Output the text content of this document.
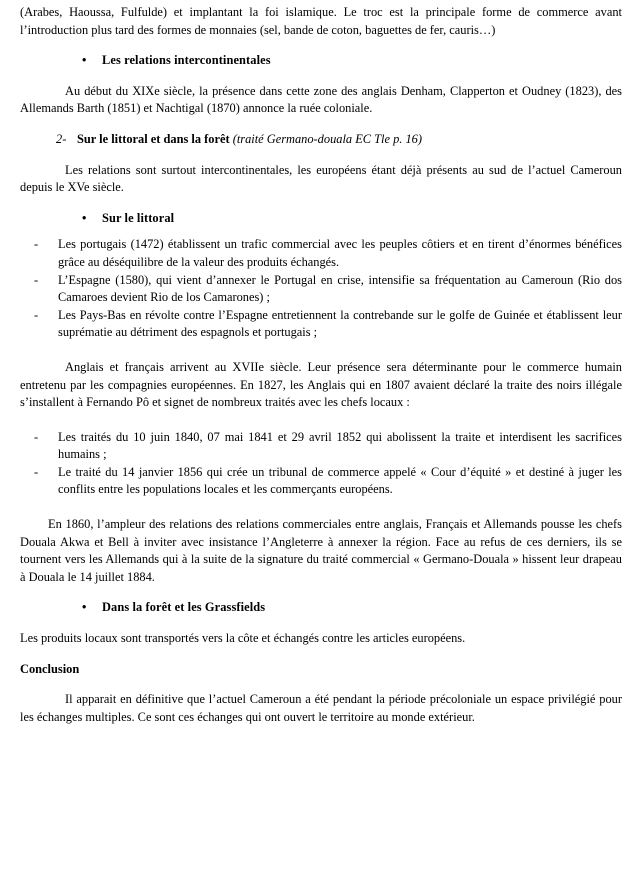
(Arabes, Haoussa, Fulfulde) et implantant la foi islamique. Le troc est la principale forme de commerce avant l’introduction plus tard des formes de monnaies (sel, bande de coton, baguettes de fer, cauris…)

• Les relations intercontinentales

Au début du XIXe siècle, la présence dans cette zone des anglais Denham, Clapperton et Oudney (1823), des Allemands Barth (1851) et Nachtigal (1870) annonce la ruée coloniale.

2- Sur le littoral et dans la forêt (traité Germano-douala EC Tle p. 16)

Les relations sont surtout intercontinentales, les européens étant déjà présents au sud de l’actuel Cameroun depuis le XVe siècle.

• Sur le littoral

- Les portugais (1472) établissent un trafic commercial avec les peuples côtiers et en tirent d’énormes bénéfices grâce au déséquilibre de la valeur des produits échangés.
- L’Espagne (1580), qui vient d’annexer le Portugal en crise, intensifie sa fréquentation au Cameroun (Rio dos Camaroes devient Rio de los Camarones) ;
- Les Pays-Bas en révolte contre l’Espagne entretiennent la contrebande sur le golfe de Guinée et établissent leur suprématie au détriment des espagnols et portugais ;

Anglais et français arrivent au XVIIe siècle. Leur présence sera déterminante pour le commerce humain entretenu par les compagnies européennes. En 1827, les Anglais qui en 1807 avaient déclaré la traite des noirs illégale s’installent à Fernando Pô et signet de nombreux traités avec les chefs locaux :

- Les traités du 10 juin 1840, 07 mai 1841 et 29 avril 1852 qui abolissent la traite et interdisent les sacrifices humains ;
- Le traité du 14 janvier 1856 qui crée un tribunal de commerce appelé « Cour d’équité » et destiné à juger les conflits entre les populations locales et les commerçants européens.

En 1860, l’ampleur des relations des relations commerciales entre anglais, Français et Allemands pousse les chefs Douala Akwa et Bell à inviter avec insistance l’Angleterre à annexer la région. Face au refus de ces derniers, ils se tournent vers les Allemands qui à la suite de la signature du traité commercial « Germano-Douala » hissent leur drapeau à Douala le 14 juillet 1884.

• Dans la forêt et les Grassfields

Les produits locaux sont transportés vers la côte et échangés contre les articles européens.

Conclusion

Il apparait en définitive que l’actuel Cameroun a été pendant la période précoloniale un espace privilégié pour les échanges multiples. Ce sont ces échanges qui ont ouvert le territoire au monde extérieur.
